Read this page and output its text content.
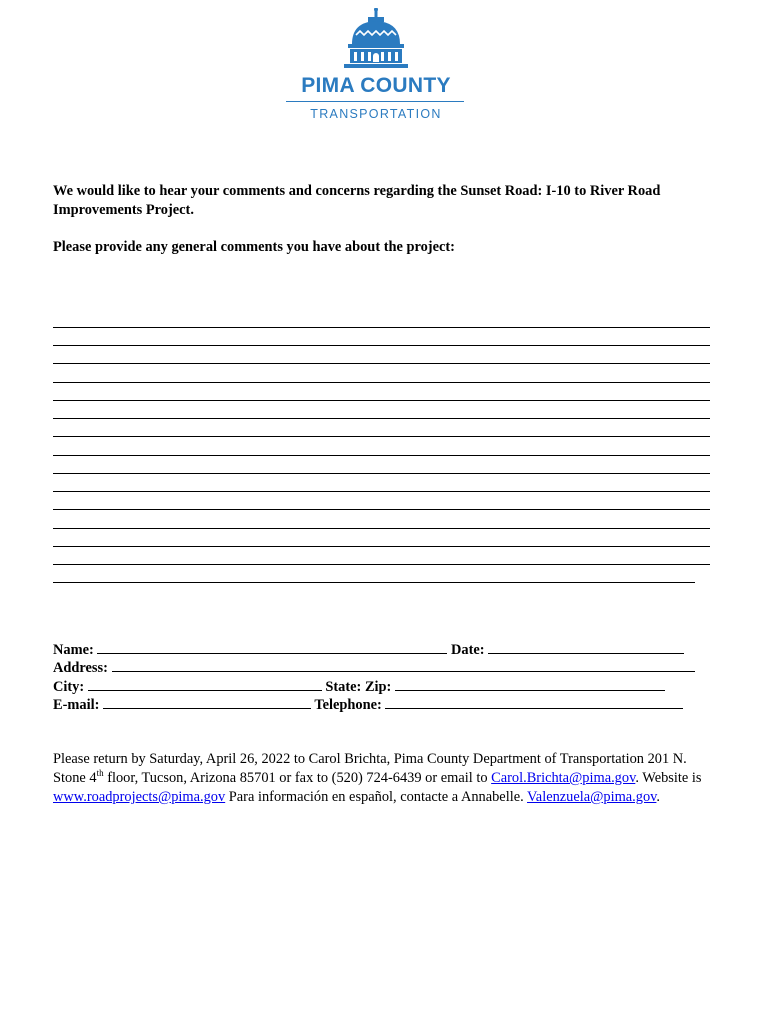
PIMA COUNTY
TRANSPORTATION
We would like to hear your comments and concerns regarding the Sunset Road: I-10 to River Road Improvements Project.
Please provide any general comments you have about the project:
Name:	Date:
Address:
City:	State: Zip:
E-mail:	Telephone:
Please return by Saturday, April 26, 2022 to Carol Brichta, Pima County Department of Transportation 201 N. Stone 4th floor, Tucson, Arizona 85701 or fax to (520) 724-6439 or email to Carol.Brichta@pima.gov. Website is www.roadprojects@pima.gov Para información en español, contacte a Annabelle. Valenzuela@pima.gov.
